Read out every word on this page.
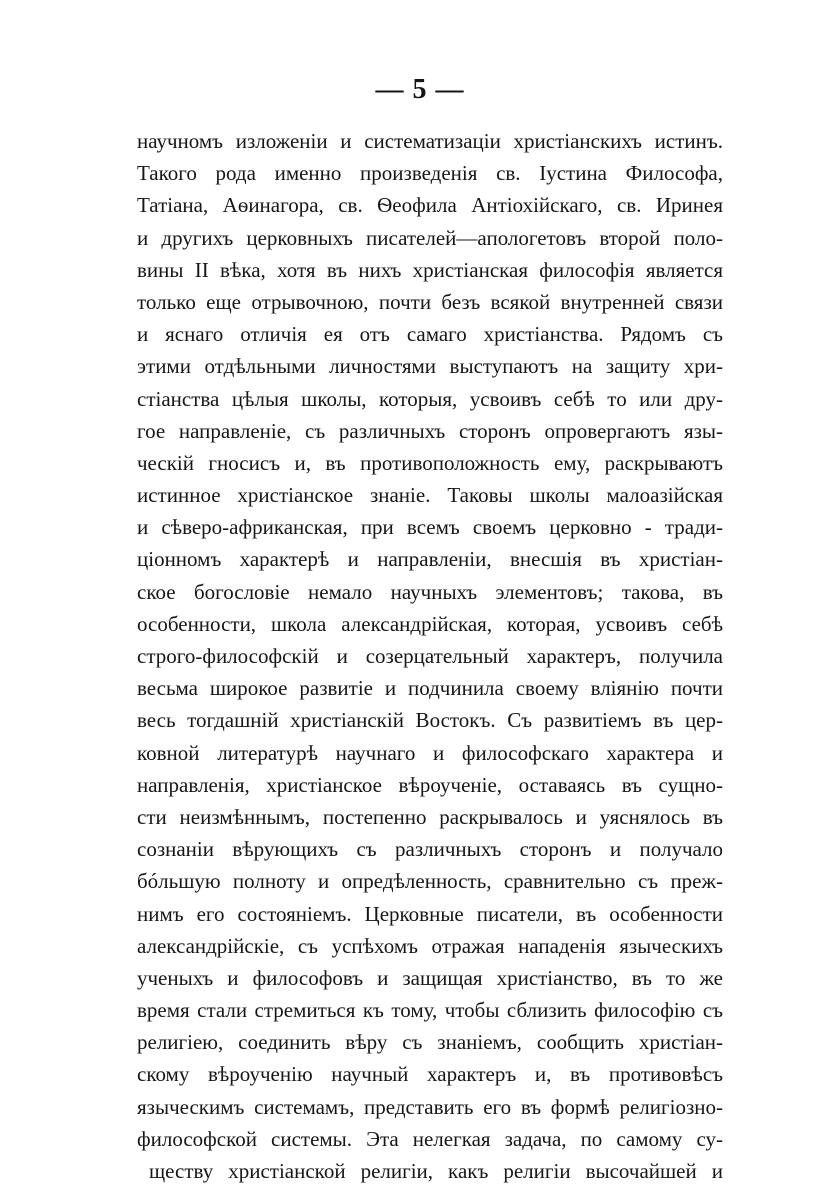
— 5 —
научномъ изложеніи и систематизаціи христіанскихъ истинъ.
Такого рода именно произведенія св. Іустина Философа,
Татіана, Аѳинагора, св. Ѳеофила Антіохійскаго, св. Иринея
и другихъ церковныхъ писателей—апологетовъ второй поло-
вины II вѣка, хотя въ нихъ христіанская философія является
только еще отрывочною, почти безъ всякой внутренней связи
и яснаго отличія ея отъ самаго христіанства. Рядомъ съ
этими отдѣльными личностями выступаютъ на защиту хри-
стіанства цѣлыя школы, которыя, усвоивъ себѣ то или дру-
гое направленіе, съ различныхъ сторонъ опровергаютъ язы-
ческій гносисъ и, въ противоположность ему, раскрываютъ
истинное христіанское знаніе. Таковы школы малоазійская
и сѣверо-африканская, при всемъ своемъ церковно - тради-
ціонномъ характерѣ и направленіи, внесшія въ христіан-
ское богословіе немало научныхъ элементовъ; такова, въ
особенности, школа александрійская, которая, усвоивъ себѣ
строго-философскій и созерцательный характеръ, получила
весьма широкое развитіе и подчинила своему вліянію почти
весь тогдашній христіанскій Востокъ. Съ развитіемъ въ цер-
ковной литературѣ научнаго и философскаго характера и
направленія, христіанское вѣроученіе, оставаясь въ сущно-
сти неизмѣннымъ, постепенно раскрывалось и уяснялось въ
сознаніи вѣрующихъ съ различныхъ сторонъ и получало
бóльшую полноту и опредѣленность, сравнительно съ преж-
нимъ его состояніемъ. Церковные писатели, въ особенности
александрійскіе, съ успѣхомъ отражая нападенія языческихъ
ученыхъ и философовъ и защищая христіанство, въ то же
время стали стремиться къ тому, чтобы сблизить философію съ
религіею, соединить вѣру съ знаніемъ, сообщить христіан-
скому вѣроученію научный характеръ и, въ противовѣсъ
языческимъ системамъ, представить его въ формѣ религіозно-
философской системы. Эта нелегкая задача, по самому су-
ществу христіанской религіи, какъ религіи высочайшей и
